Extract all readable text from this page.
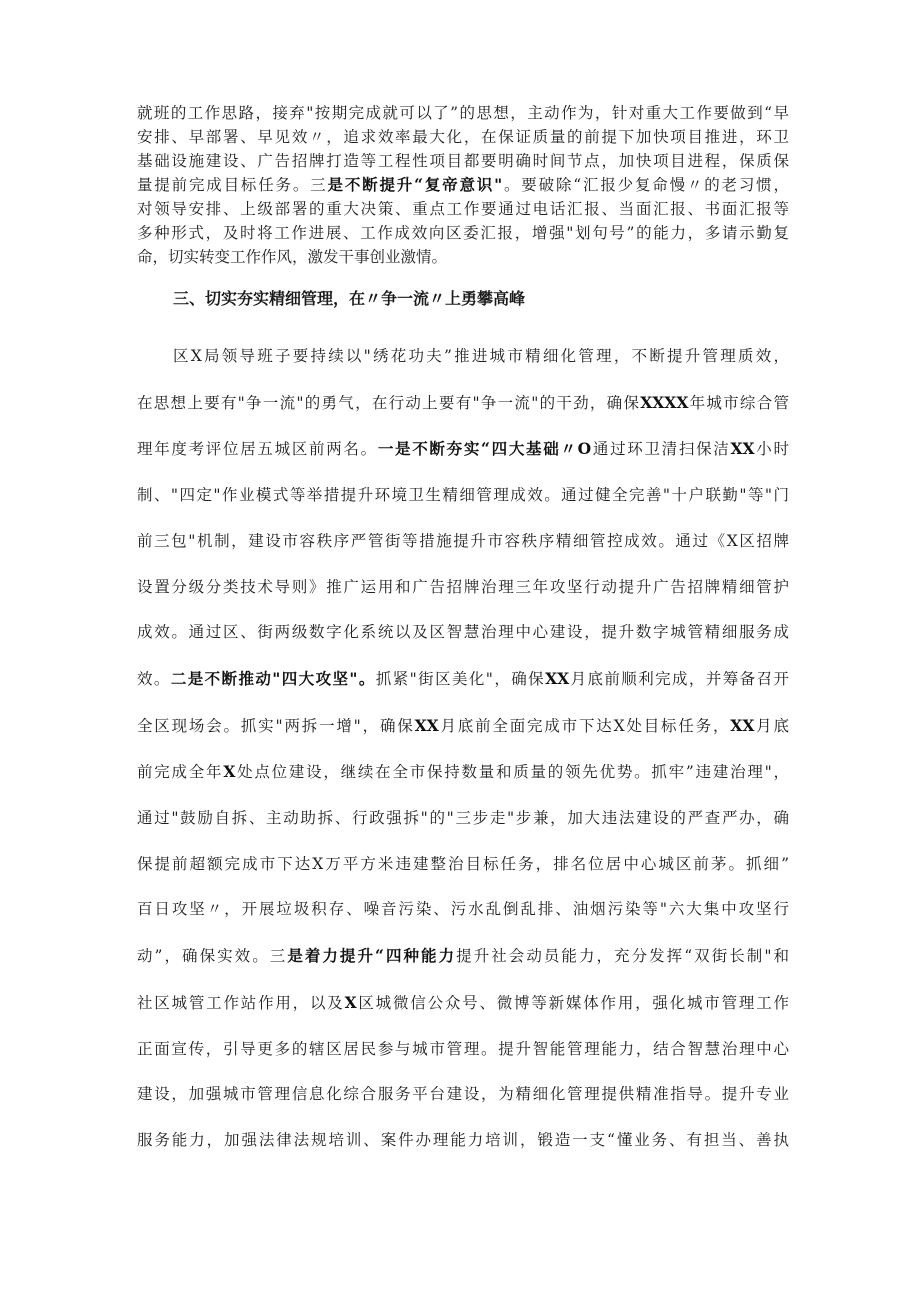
就班的工作思路，接弃"按期完成就可以了”的思想，主动作为，针对重大工作要做到“早
安排、早部署、早见效〃，追求效率最大化，在保证质量的前提下加快项目推进，环卫
基础设施建设、广告招牌打造等工程性项目都要明确时间节点，加快项目进程，保质保
量提前完成目标任务。三是不断提升“复帝意识"。要破除“汇报少复命慢〃的老习惯，
对领导安排、上级部署的重大决策、重点工作要通过电话汇报、当面汇报、书面汇报等
多种形式，及时将工作进展、工作成效向区委汇报，增强"划句号”的能力，多请示勤复
命，切实转变工作作风，激发干事创业激情。

三、切实夯实精细管理，在〃争一流〃上勇攀高峰

区X局领导班子要持续以"绣花功夫”推进城市精细化管理，不断提升管理质效，
在思想上要有"争一流"的勇气，在行动上要有"争一流"的干劲，确保XXXX年城市综合管
理年度考评位居五城区前两名。一是不断夯实“四大基础〃O通过环卫清扫保洁XX小时
制、"四定"作业模式等举措提升环境卫生精细管理成效。通过健全完善"十户联勤"等"门
前三包"机制，建设市容秩序严管街等措施提升市容秩序精细管控成效。通过《X区招牌
设置分级分类技术导则》推广运用和广告招牌治理三年攻坚行动提升广告招牌精细管护
成效。通过区、街两级数字化系统以及区智慧治理中心建设，提升数字城管精细服务成
效。二是不断推动"四大攻坚"。抓紧"街区美化"，确保XX月底前顺利完成，并筹备召开
全区现场会。抓实"两拆一增"，确保XX月底前全面完成市下达X处目标任务，XX月底
前完成全年X处点位建设，继续在全市保持数量和质量的领先优势。抓牢”违建治理"，
通过"鼓励自拆、主动助拆、行政强拆"的"三步走"步兼，加大违法建设的严查严办，确
保提前超额完成市下达X万平方米违建整治目标任务，排名位居中心城区前茅。抓细”
百日攻坚〃，开展垃圾积存、噪音污染、污水乱倒乱排、油烟污染等"六大集中攻坚行
动”，确保实效。三是着力提升“四种能力提升社会动员能力，充分发挥“双街长制"和
社区城管工作站作用，以及X区城微信公众号、微博等新媒体作用，强化城市管理工作
正面宣传，引导更多的辖区居民参与城市管理。提升智能管理能力，结合智慧治理中心
建设，加强城市管理信息化综合服务平台建设，为精细化管理提供精准指导。提升专业
服务能力，加强法律法规培训、案件办理能力培训，锻造一支“懂业务、有担当、善执
